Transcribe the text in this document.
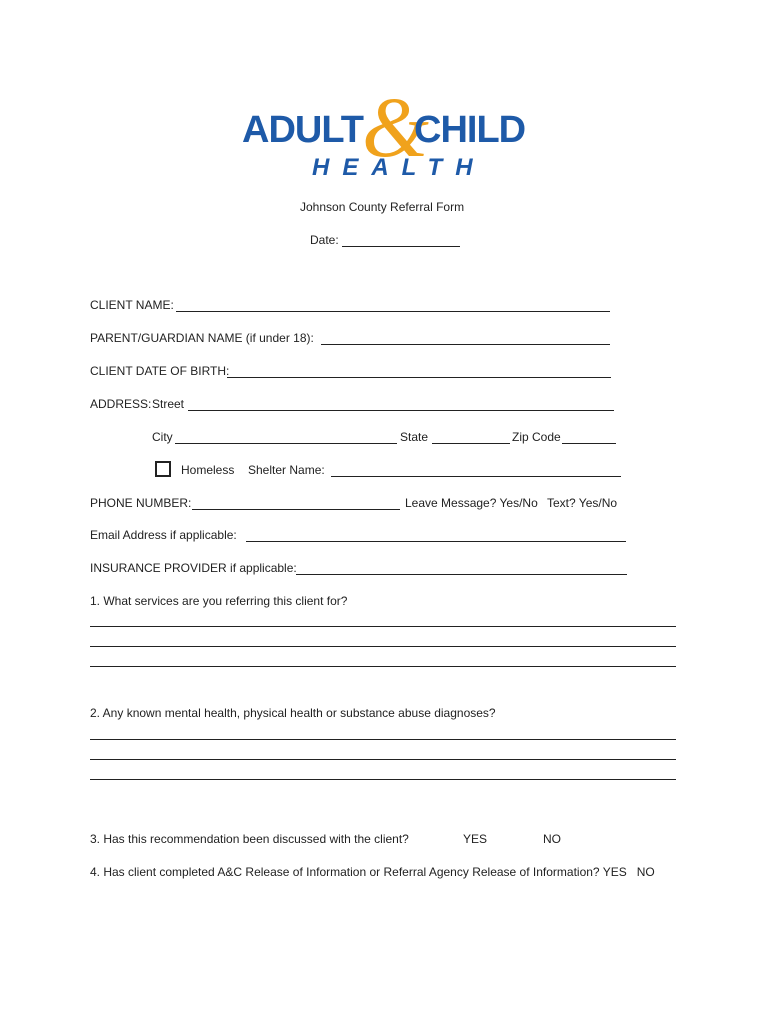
ADULT &
CHILD
HEALTH
Johnson County Referral Form
Date:
CLIENT NAME:
PARENT/GUARDIAN NAME (if under 18):
CLIENT DATE OF BIRTH:
ADDRESS: Street
City	State	Zip Code
Homeless Shelter Name:
PHONE NUMBER:	Leave Message? Yes/No Text? Yes/No
Email Address if applicable:
INSURANCE PROVIDER if applicable:
1. What services are you referring this client for?
2. Any known mental health, physical health or substance abuse diagnoses?
3. Has this recommendation been discussed with the client?	YES	NO
4. Has client completed A&C Release of Information or Referral Agency Release of Information? YES   NO
